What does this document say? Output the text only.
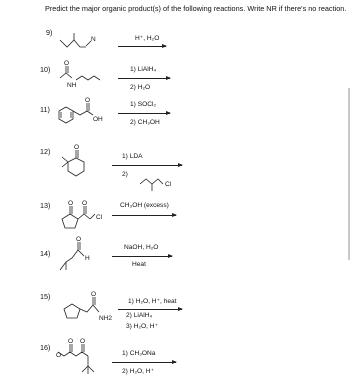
Predict the major organic product(s) of the following reactions. Write NR if there's no reaction.
9)
N	H⁺, H₂O
10)
O
NH
1) LiAlH₄
2) H₂O
11)
O
OH
1) SOCl₂
2) CH₃OH
12)	O
Cl
1) LDA
2)
13)	O O
Cl
CH₃OH (excess)
14)
O
H
NaOH, H₂O
Heat
15)	O
NH2
1) H₂O, H⁺, heat
2) LiAlH₄
3) H₂O, H⁺
16)
O O
O	1) CH₃ONa
2) H₂O, H⁺
